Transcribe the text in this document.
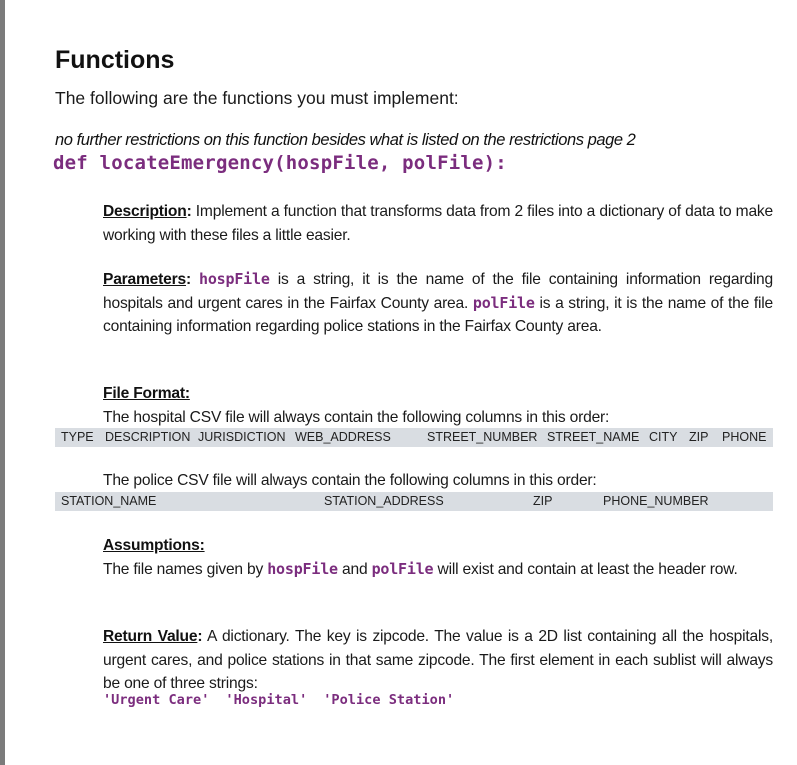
Functions
The following are the functions you must implement:
no further restrictions on this function besides what is listed on the restrictions page 2
def locateEmergency(hospFile, polFile):
Description: Implement a function that transforms data from 2 files into a dictionary of data to make working with these files a little easier.
Parameters: hospFile is a string, it is the name of the file containing information regarding hospitals and urgent cares in the Fairfax County area. polFile is a string, it is the name of the file containing information regarding police stations in the Fairfax County area.
File Format:
The hospital CSV file will always contain the following columns in this order:
TYPE DESCRIPTION JURISDICTION WEB_ADDRESS	STREET_NUMBER STREET_NAME CITY ZIP PHONE
The police CSV file will always contain the following columns in this order:
STATION_NAME	STATION_ADDRESS	ZIP	PHONE_NUMBER
Assumptions:
The file names given by hospFile and polFile will exist and contain at least the header row.
Return Value: A dictionary. The key is zipcode. The value is a 2D list containing all the hospitals, urgent cares, and police stations in that same zipcode. The first element in each sublist will always be one of three strings:
'Urgent Care' 'Hospital' 'Police Station'
